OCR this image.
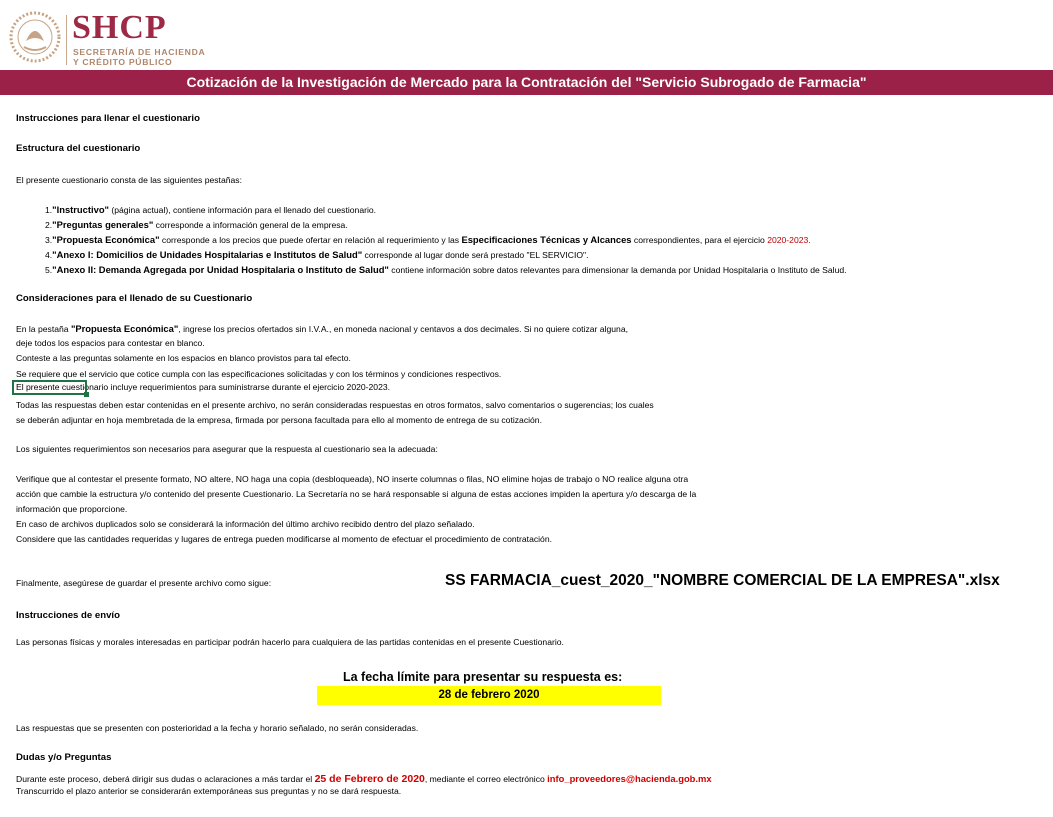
SHCP
SECRETARÍA DE HACIENDA
Y CRÉDITO PÚBLICO
Cotización de la Investigación de Mercado para la Contratación del "Servicio Subrogado de Farmacia"
Instrucciones para llenar el cuestionario
Estructura del cuestionario
El presente cuestionario consta de las siguientes pestañas:
1."Instructivo" (página actual), contiene información para el llenado del cuestionario.
2."Preguntas generales" corresponde a información general de la empresa.
3."Propuesta Económica" corresponde a los precios que puede ofertar en relación al requerimiento y las Especificaciones Técnicas y Alcances correspondientes, para el ejercicio 2020-2023.
4."Anexo I: Domicilios de Unidades Hospitalarias e Institutos de Salud" corresponde al lugar donde será prestado "EL SERVICIO".
5."Anexo II: Demanda Agregada por Unidad Hospitalaria o Instituto de Salud" contiene información sobre datos relevantes para dimensionar la demanda por Unidad Hospitalaria o Instituto de Salud.
Consideraciones para el llenado de su Cuestionario
En la pestaña "Propuesta Económica", ingrese los precios ofertados sin I.V.A., en moneda nacional y centavos a dos decimales. Si no quiere cotizar alguna,
deje todos los espacios para contestar en blanco.
Conteste a las preguntas solamente en los espacios en blanco provistos para tal efecto.
Se requiere que el servicio que cotice cumpla con las especificaciones solicitadas y con los términos y condiciones respectivos.
El presente cuestionario incluye requerimientos para suministrarse durante el ejercicio 2020-2023.
Todas las respuestas deben estar contenidas en el presente archivo, no serán consideradas respuestas en otros formatos, salvo comentarios o sugerencias; los cuales
se deberán adjuntar en hoja membretada de la empresa, firmada por persona facultada para ello al momento de entrega de su cotización.
Los siguientes requerimientos son necesarios para asegurar que la respuesta al cuestionario sea la adecuada:
Verifique que al contestar el presente formato, NO altere, NO haga una copia (desbloqueada), NO inserte columnas o filas, NO elimine hojas de trabajo o NO realice alguna otra
acción que cambie la estructura y/o contenido del presente Cuestionario. La Secretaría no se hará responsable si alguna de estas acciones impiden la apertura y/o descarga de la
información que proporcione.
En caso de archivos duplicados solo se considerará la información del último archivo recibido dentro del plazo señalado.
Considere que las cantidades requeridas y lugares de entrega pueden modificarse al momento de efectuar el procedimiento de contratación.
Finalmente, asegúrese de guardar el presente archivo como sigue:	SS FARMACIA_cuest_2020_"NOMBRE COMERCIAL DE LA EMPRESA".xlsx
Instrucciones de envío
Las personas físicas y morales interesadas en participar podrán hacerlo para cualquiera de las partidas contenidas en el presente Cuestionario.
La fecha límite para presentar su respuesta es:
28 de febrero 2020
Las respuestas que se presenten con posterioridad a la fecha y horario señalado, no serán consideradas.
Dudas y/o Preguntas
Durante este proceso, deberá dirigir sus dudas o aclaraciones a más tardar el 25 de Febrero de 2020, mediante el correo electrónico info_proveedores@hacienda.gob.mx
Transcurrido el plazo anterior se considerarán extemporáneas sus preguntas y no se dará respuesta.
